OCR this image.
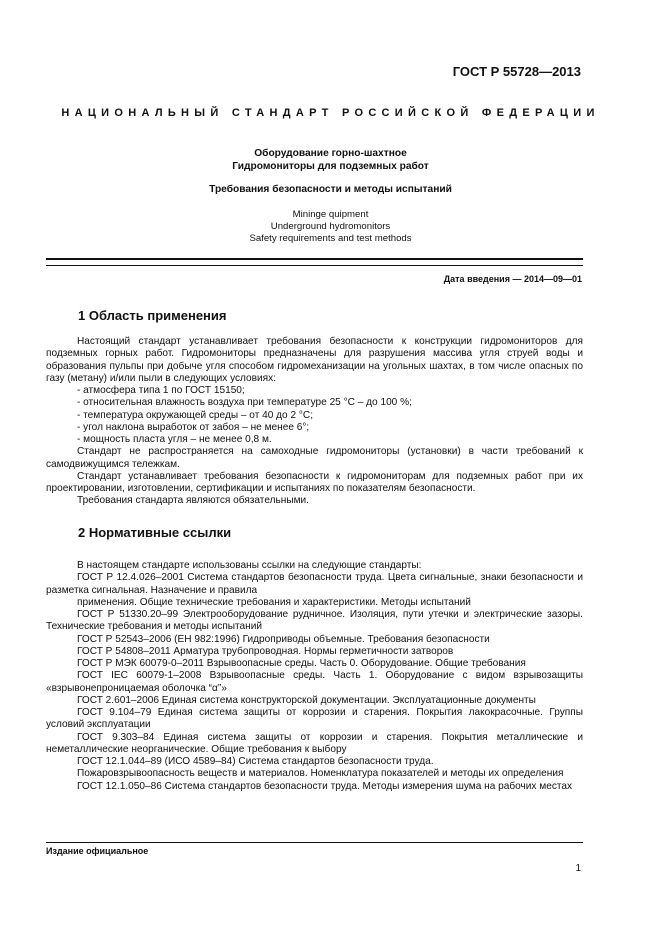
ГОСТ Р 55728—2013
НАЦИОНАЛЬНЫЙ СТАНДАРТ РОССИЙСКОЙ ФЕДЕРАЦИИ

Оборудование горно-шахтное

Гидромониторы для подземных работ

Требования безопасности и методы испытаний

Mininge quipment

Underground hydromonitors

Safety requirements and test methods

Дата введения — 2014—09—01
1 Область применения

Настоящий стандарт устанавливает требования безопасности к конструкции гидромониторов для подземных горных работ. Гидромониторы предназначены для разрушения массива угля струей воды и образования пульпы при добыче угля способом гидромеханизации на угольных шахтах, в том числе опасных по газу (метану) и/или пыли в следующих условиях:

- атмосфера типа 1 по ГОСТ 15150;

- относительная влажность воздуха при температуре 25 °С – до 100 %;

- температура окружающей среды – от 40 до 2 °С;

- угол наклона выработок от забоя – не менее 6°;

- мощность пласта угля – не менее 0,8 м.

Стандарт не распространяется на самоходные гидромониторы (установки) в части требований к самодвижущимся тележкам.

Стандарт устанавливает требования безопасности к гидромониторам для подземных работ при их проектировании, изготовлении, сертификации и испытаниях по показателям безопасности.

Требования стандарта являются обязательными.

2 Нормативные ссылки

В настоящем стандарте использованы ссылки на следующие стандарты:

ГОСТ Р 12.4.026–2001 Система стандартов безопасности труда. Цвета сигнальные, знаки безопасности и разметка сигнальная. Назначение и правила

применения. Общие технические требования и характеристики. Методы испытаний

ГОСТ Р 51330.20–99 Электрооборудование рудничное. Изоляция, пути утечки и электрические зазоры. Технические требования и методы испытаний

ГОСТ Р 52543–2006 (ЕН 982:1996) Гидроприводы объемные. Требования безопасности

ГОСТ Р 54808–2011 Арматура трубопроводная. Нормы герметичности затворов

ГОСТ Р МЭК 60079-0–2011 Взрывоопасные среды. Часть 0. Оборудование. Общие требования

ГОСТ IEC 60079-1–2008 Взрывоопасные среды. Часть 1. Оборудование с видом взрывозащиты «взрывонепроницаемая оболочка “α”»

ГОСТ 2.601–2006 Единая система конструкторской документации. Эксплуатационные документы

ГОСТ 9.104–79 Единая система защиты от коррозии и старения. Покрытия лакокрасочные. Группы условий эксплуатации

ГОСТ 9.303–84 Единая система защиты от коррозии и старения. Покрытия металлические и неметаллические неорганические. Общие требования к выбору

ГОСТ 12.1.044–89 (ИСО 4589–84) Система стандартов безопасности труда.

Пожаровзрывоопасность веществ и материалов. Номенклатура показателей и методы их определения

ГОСТ 12.1.050–86 Система стандартов безопасности труда. Методы измерения шума на рабочих местах

Издание официальное
1
